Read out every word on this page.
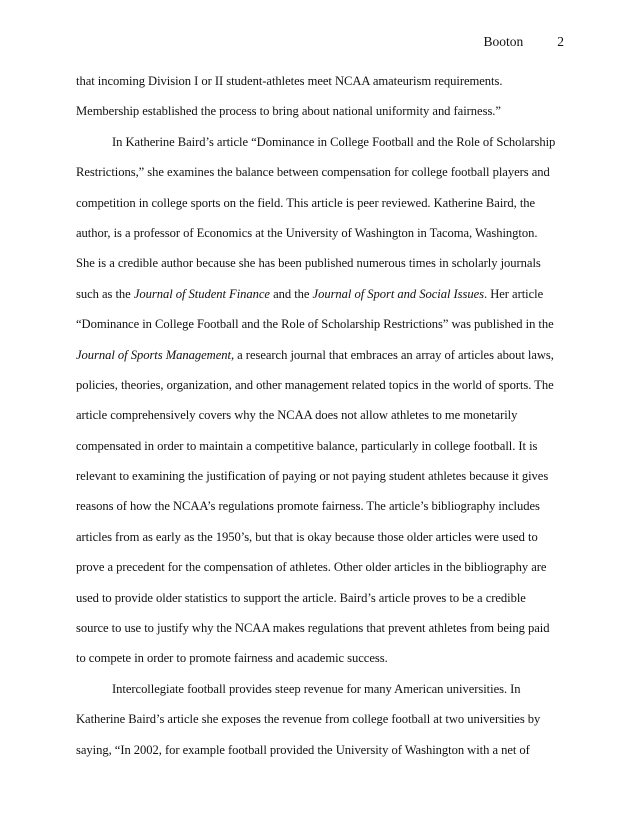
Booton	2
that incoming Division I or II student-athletes meet NCAA amateurism requirements.
Membership established the process to bring about national uniformity and fairness.”
In Katherine Baird’s article “Dominance in College Football and the Role of Scholarship
Restrictions,” she examines the balance between compensation for college football players and
competition in college sports on the field. This article is peer reviewed. Katherine Baird, the
author, is a professor of Economics at the University of Washington in Tacoma, Washington.
She is a credible author because she has been published numerous times in scholarly journals
such as the Journal of Student Finance and the Journal of Sport and Social Issues. Her article
“Dominance in College Football and the Role of Scholarship Restrictions” was published in the
Journal of Sports Management, a research journal that embraces an array of articles about laws,
policies, theories, organization, and other management related topics in the world of sports. The
article comprehensively covers why the NCAA does not allow athletes to me monetarily
compensated in order to maintain a competitive balance, particularly in college football. It is
relevant to examining the justification of paying or not paying student athletes because it gives
reasons of how the NCAA’s regulations promote fairness. The article’s bibliography includes
articles from as early as the 1950’s, but that is okay because those older articles were used to
prove a precedent for the compensation of athletes. Other older articles in the bibliography are
used to provide older statistics to support the article. Baird’s article proves to be a credible
source to use to justify why the NCAA makes regulations that prevent athletes from being paid
to compete in order to promote fairness and academic success.
Intercollegiate football provides steep revenue for many American universities. In
Katherine Baird’s article she exposes the revenue from college football at two universities by
saying, “In 2002, for example football provided the University of Washington with a net of
